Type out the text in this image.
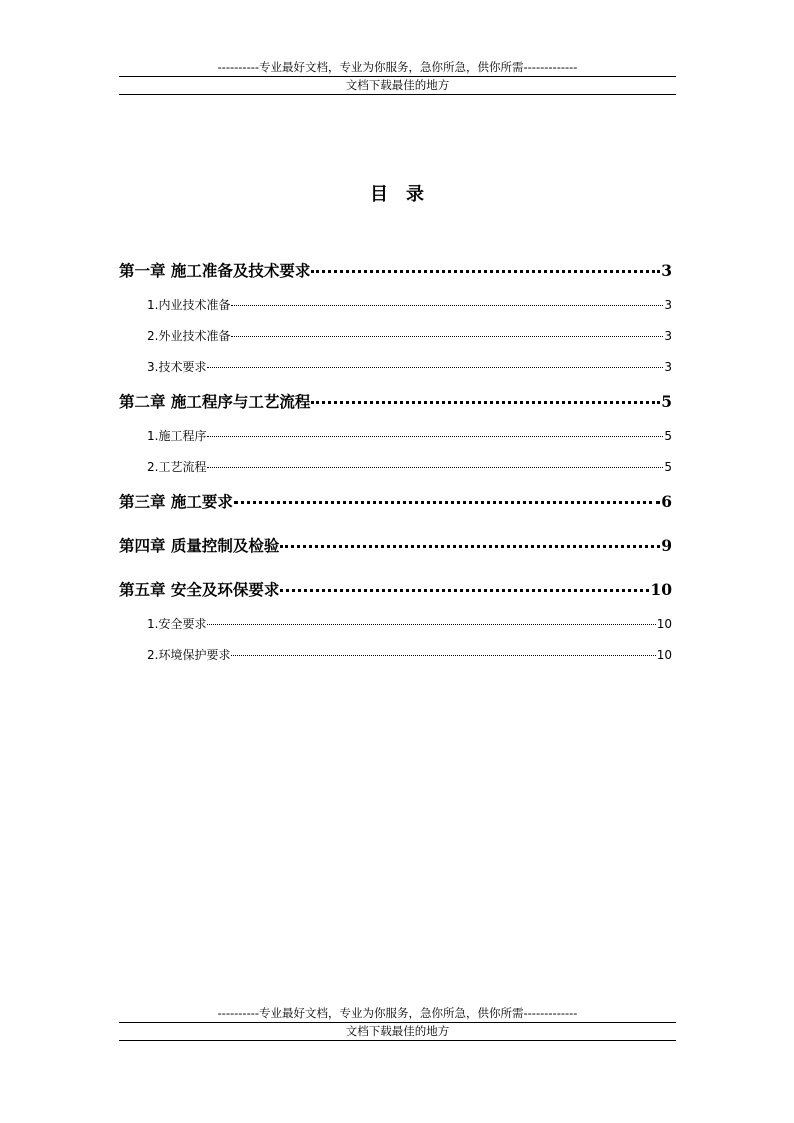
----------专业最好文档，专业为你服务，急你所急，供你所需-------------
文档下载最佳的地方
目录
第一章 施工准备及技术要求	3
1.内业技术准备	3
2.外业技术准备	3
3.技术要求	3
第二章 施工程序与工艺流程	5
1.施工程序	5
2.工艺流程	5
第三章 施工要求	6
第四章 质量控制及检验	9
第五章 安全及环保要求	10
1.安全要求	10
2.环境保护要求	10
----------专业最好文档，专业为你服务，急你所急，供你所需-------------
文档下载最佳的地方
